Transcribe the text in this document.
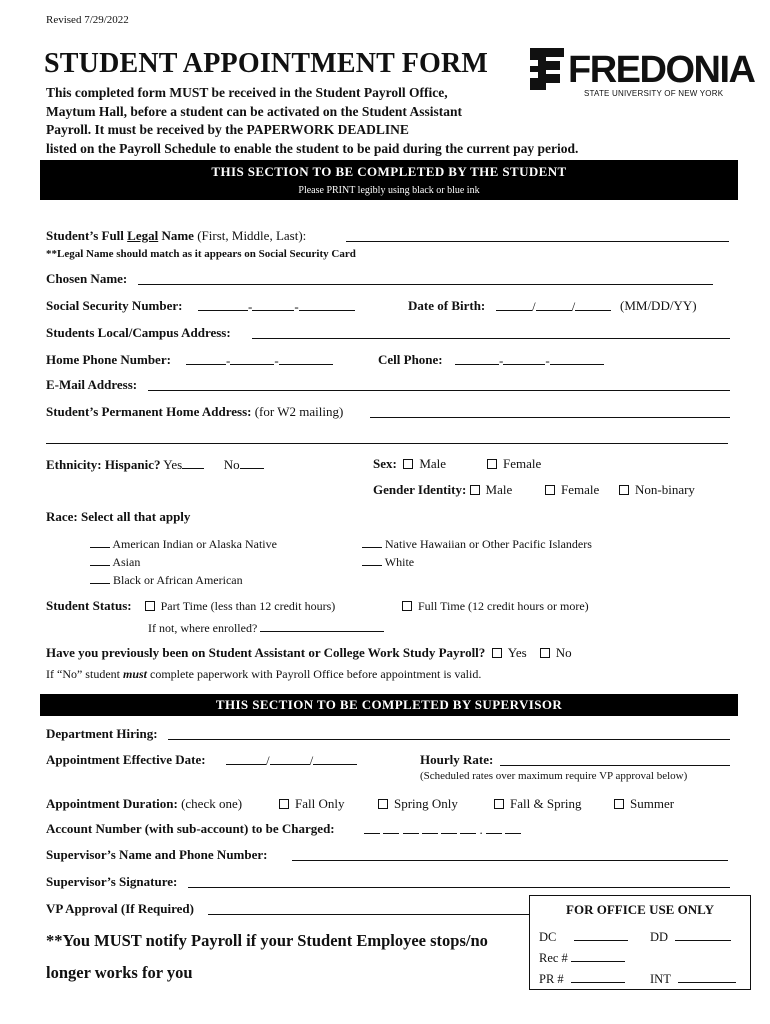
Revised 7/29/2022
STUDENT APPOINTMENT FORM
This completed form MUST be received in the Student Payroll Office,
Maytum Hall, before a student can be activated on the Student Assistant
Payroll. It must be received by the PAPERWORK DEADLINE
listed on the Payroll Schedule to enable the student to be paid during the current pay period.
FREDONIA
STATE UNIVERSITY OF NEW YORK
THIS SECTION TO BE COMPLETED BY THE STUDENT
Please PRINT legibly using black or blue ink
Student’s Full Legal Name (First, Middle, Last):
**Legal Name should match as it appears on Social Security Card
Chosen Name:
Social Security Number:	-	-	Date of Birth:	/	/	(MM/DD/YY)
Students Local/Campus Address:
Home Phone Number:	-	-	Cell Phone:	-	-
E-Mail Address:
Student’s Permanent Home Address: (for W2 mailing)
Ethnicity: Hispanic? Yes	No	Sex: Male	Female
Gender Identity: Male	Female	Non-binary
Race: Select all that apply
American Indian or Alaska Native
Asian
Black or African American
Native Hawaiian or Other Pacific Islanders
White
Student Status: Part Time (less than 12 credit hours)	Full Time (12 credit hours or more)
If not, where enrolled?
Have you previously been on Student Assistant or College Work Study Payroll? Yes No
If “No” student must complete paperwork with Payroll Office before appointment is valid.
THIS SECTION TO BE COMPLETED BY SUPERVISOR
Department Hiring:
Appointment Effective Date:	/	/	Hourly Rate:
(Scheduled rates over maximum require VP approval below)
Appointment Duration: (check one)	Fall Only	Spring Only	Fall & Spring	Summer
Account Number (with sub-account) to be Charged:	.
Supervisor’s Name and Phone Number:
Supervisor’s Signature:
VP Approval (If Required)
**You MUST notify Payroll if your Student Employee stops/no longer works for you
FOR OFFICE USE ONLY
DC	DD
Rec #
PR #	INT
